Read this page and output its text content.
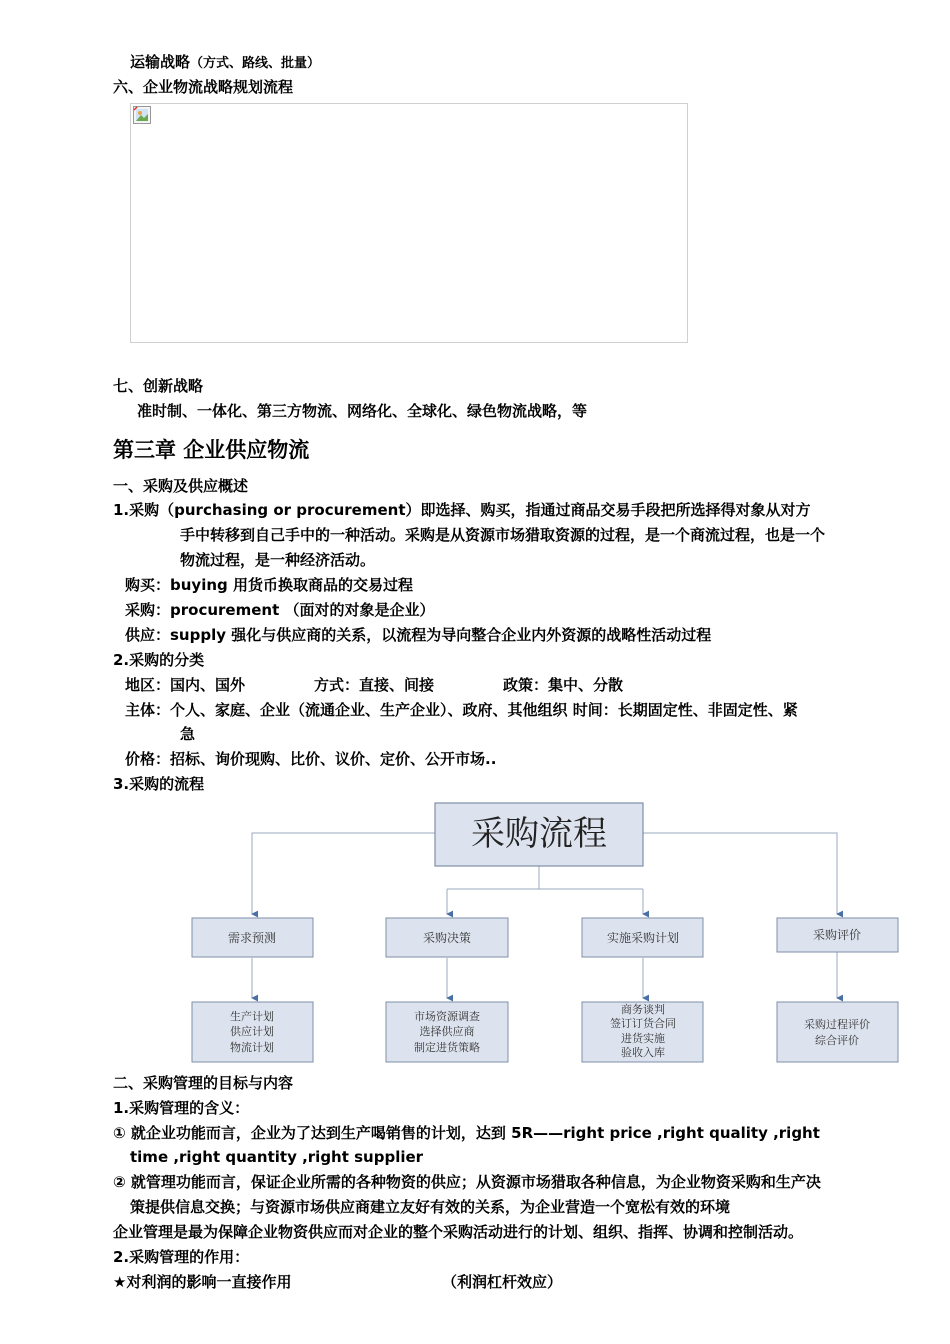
运输战略（方式、路线、批量）
六、企业物流战略规划流程
七、创新战略
准时制、一体化、第三方物流、网络化、全球化、绿色物流战略，等
第三章 企业供应物流
一、采购及供应概述
1.采购（purchasing or procurement）即选择、购买，指通过商品交易手段把所选择得对象从对方
手中转移到自己手中的一种活动。采购是从资源市场猎取资源的过程，是一个商流过程，也是一个
物流过程，是一种经济活动。
购买：buying 用货币换取商品的交易过程
采购：procurement （面对的对象是企业）
供应：supply 强化与供应商的关系，以流程为导向整合企业内外资源的战略性活动过程
2.采购的分类
地区：国内、国外	方式：直接、间接	政策：集中、分散
主体：个人、家庭、企业（流通企业、生产企业）、政府、其他组织 时间：长期固定性、非固定性、紧
急
价格：招标、询价现购、比价、议价、定价、公开市场..
3.采购的流程
采购流程
需求预测	采购决策	实施采购计划	采购评价
生产计划
供应计划
物流计划
市场资源调查
选择供应商
制定进货策略
商务谈判
签订订货合同
进货实施
验收入库
采购过程评价
综合评价
二、采购管理的目标与内容
1.采购管理的含义：
① 就企业功能而言，企业为了达到生产喝销售的计划，达到 5R——right price ,right quality ,right
time ,right quantity ,right supplier
② 就管理功能而言，保证企业所需的各种物资的供应；从资源市场猎取各种信息，为企业物资采购和生产决
策提供信息交换；与资源市场供应商建立友好有效的关系，为企业营造一个宽松有效的环境
企业管理是最为保障企业物资供应而对企业的整个采购活动进行的计划、组织、指挥、协调和控制活动。
2.采购管理的作用：
★对利润的影响一直接作用	（利润杠杆效应）
